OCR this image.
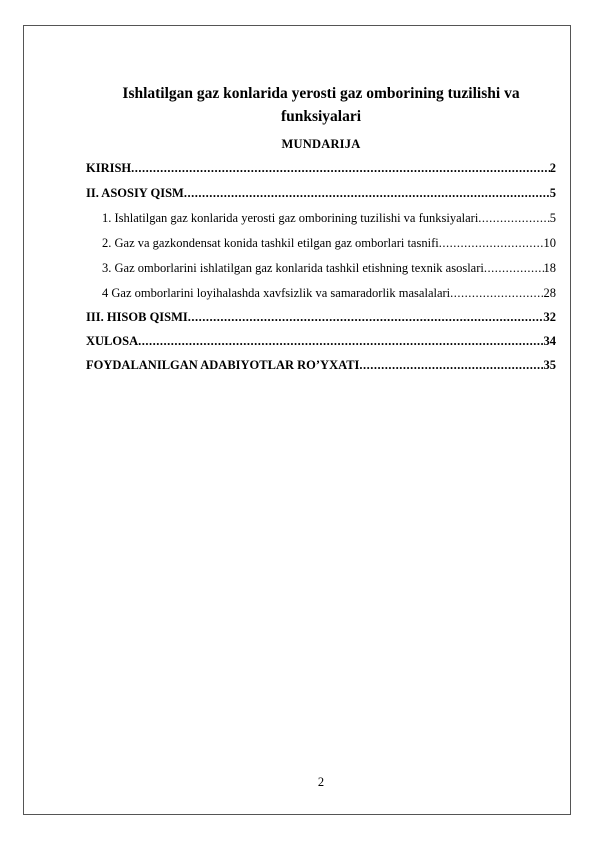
Ishlatilgan gaz konlarida yerosti gaz omborining tuzilishi va
funksiyalari
MUNDARIJA
KIRISH .....	2
II. ASOSIY QISM .....	5
1. Ishlatilgan gaz konlarida yerosti gaz omborining tuzilishi va funksiyalari .....	5
2. Gaz va gazkondensat konida tashkil etilgan gaz omborlari tasnifi .....	10
3. Gaz omborlarini ishlatilgan gaz konlarida tashkil etishning texnik asoslari .....	18
4 Gaz omborlarini loyihalashda xavfsizlik va samaradorlik masalalari .....	28
III. HISOB QISMI .....	32
XULOSA .....	34
FOYDALANILGAN ADABIYOTLAR RO’YXATI .....	35
2
